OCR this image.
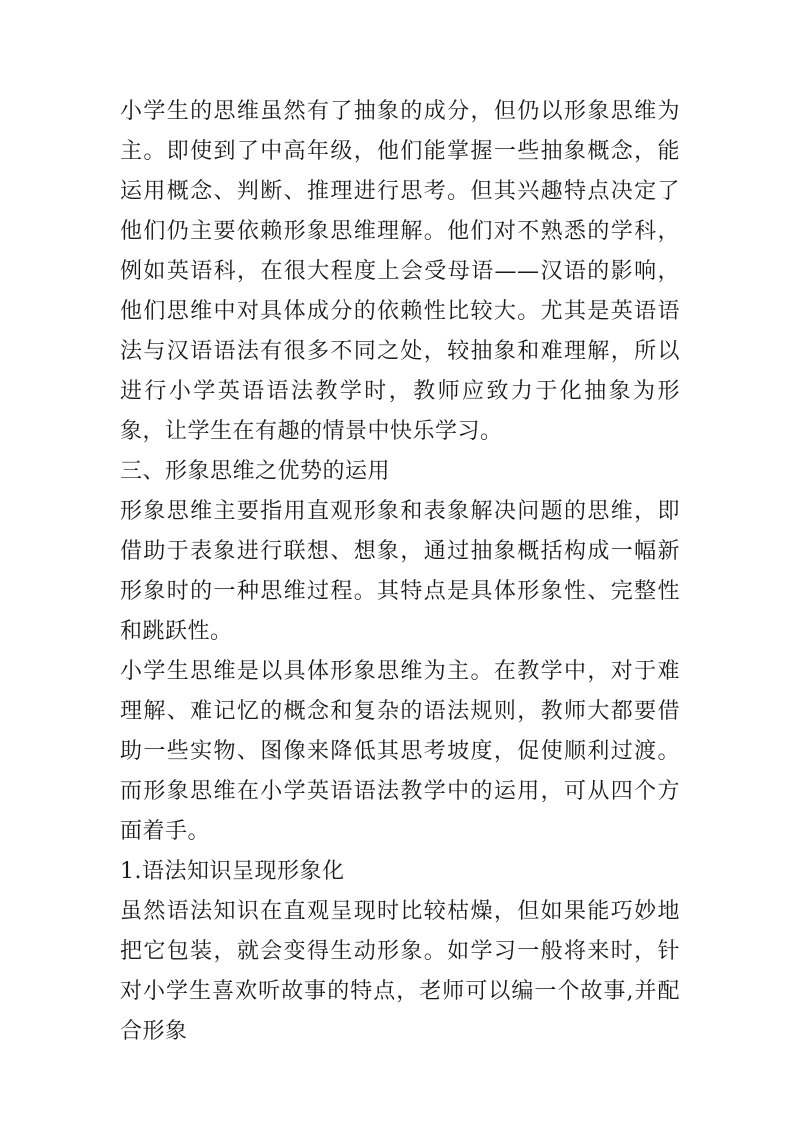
小学生的思维虽然有了抽象的成分，但仍以形象思维为主。即使到了中高年级，他们能掌握一些抽象概念，能运用概念、判断、推理进行思考。但其兴趣特点决定了他们仍主要依赖形象思维理解。他们对不熟悉的学科，例如英语科，在很大程度上会受母语——汉语的影响，他们思维中对具体成分的依赖性比较大。尤其是英语语法与汉语语法有很多不同之处，较抽象和难理解，所以进行小学英语语法教学时，教师应致力于化抽象为形象，让学生在有趣的情景中快乐学习。

三、形象思维之优势的运用

形象思维主要指用直观形象和表象解决问题的思维，即借助于表象进行联想、想象，通过抽象概括构成一幅新形象时的一种思维过程。其特点是具体形象性、完整性和跳跃性。

小学生思维是以具体形象思维为主。在教学中，对于难理解、难记忆的概念和复杂的语法规则，教师大都要借助一些实物、图像来降低其思考坡度，促使顺利过渡。而形象思维在小学英语语法教学中的运用，可从四个方面着手。

1.语法知识呈现形象化

虽然语法知识在直观呈现时比较枯燥，但如果能巧妙地把它包装，就会变得生动形象。如学习一般将来时，针对小学生喜欢听故事的特点，老师可以编一个故事,并配合形象
